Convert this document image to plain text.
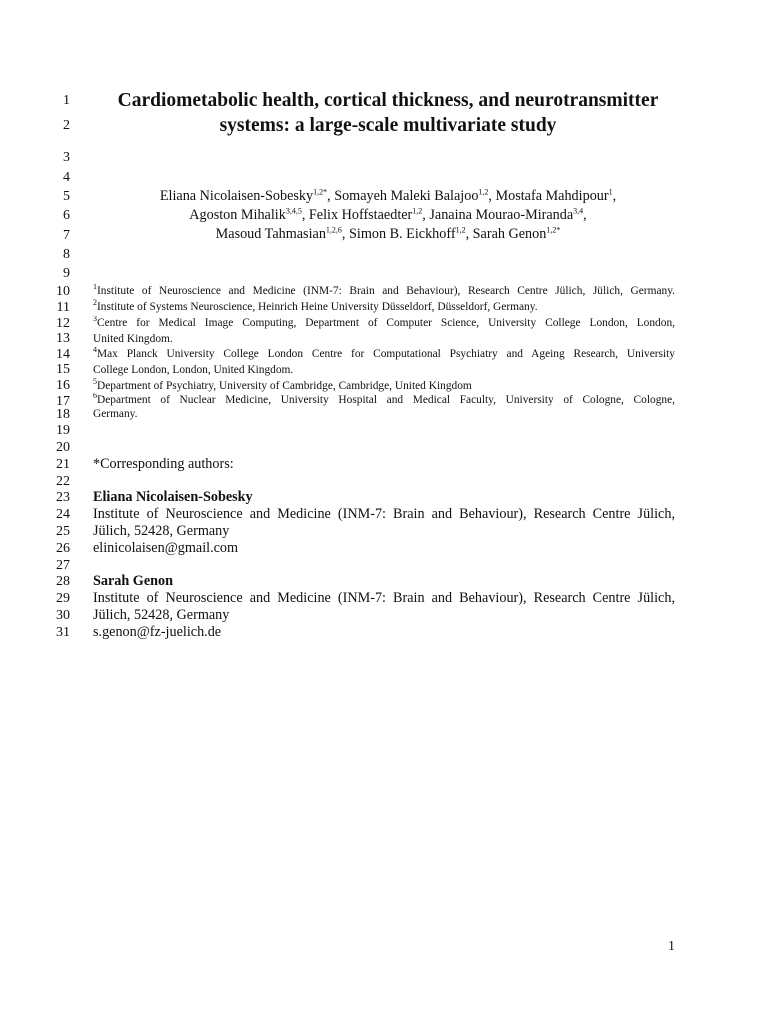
1
2
3
4
5
6
7
8
9
10
11
12
13
14
15
16
17
18
19
20
21
22
23
24
25
26
27
28
29
30
31
Cardiometabolic health, cortical thickness, and neurotransmitter
systems: a large-scale multivariate study
Eliana Nicolaisen-Sobesky$^{1,2*}$, Somayeh Maleki Balajoo$^{1,2}$, Mostafa Mahdipour$^1$,
Agoston Mihalik$^{3,4,5}$, Felix Hoffstaedter$^{1,2}$, Janaina Mourao-Miranda$^{3,4}$,
Masoud Tahmasian$^{1,2,6}$, Simon B. Eickhoff$^{1,2}$, Sarah Genon$^{1,2*}$
$^1$Institute of Neuroscience and Medicine (INM-7: Brain and Behaviour), Research Centre Jülich, Jülich, Germany.
$^2$Institute of Systems Neuroscience, Heinrich Heine University Düsseldorf, Düsseldorf, Germany.
$^3$Centre for Medical Image Computing, Department of Computer Science, University College London, London,
United Kingdom.
$^4$Max Planck University College London Centre for Computational Psychiatry and Ageing Research, University
College London, London, United Kingdom.
$^5$Department of Psychiatry, University of Cambridge, Cambridge, United Kingdom
$^6$Department of Nuclear Medicine, University Hospital and Medical Faculty, University of Cologne, Cologne,
Germany.
*Corresponding authors:
Eliana Nicolaisen-Sobesky
Institute of Neuroscience and Medicine (INM-7: Brain and Behaviour), Research Centre Jülich,
Jülich, 52428, Germany
elinicolaisen@gmail.com
Sarah Genon
Institute of Neuroscience and Medicine (INM-7: Brain and Behaviour), Research Centre Jülich,
Jülich, 52428, Germany
s.genon@fz-juelich.de
1
